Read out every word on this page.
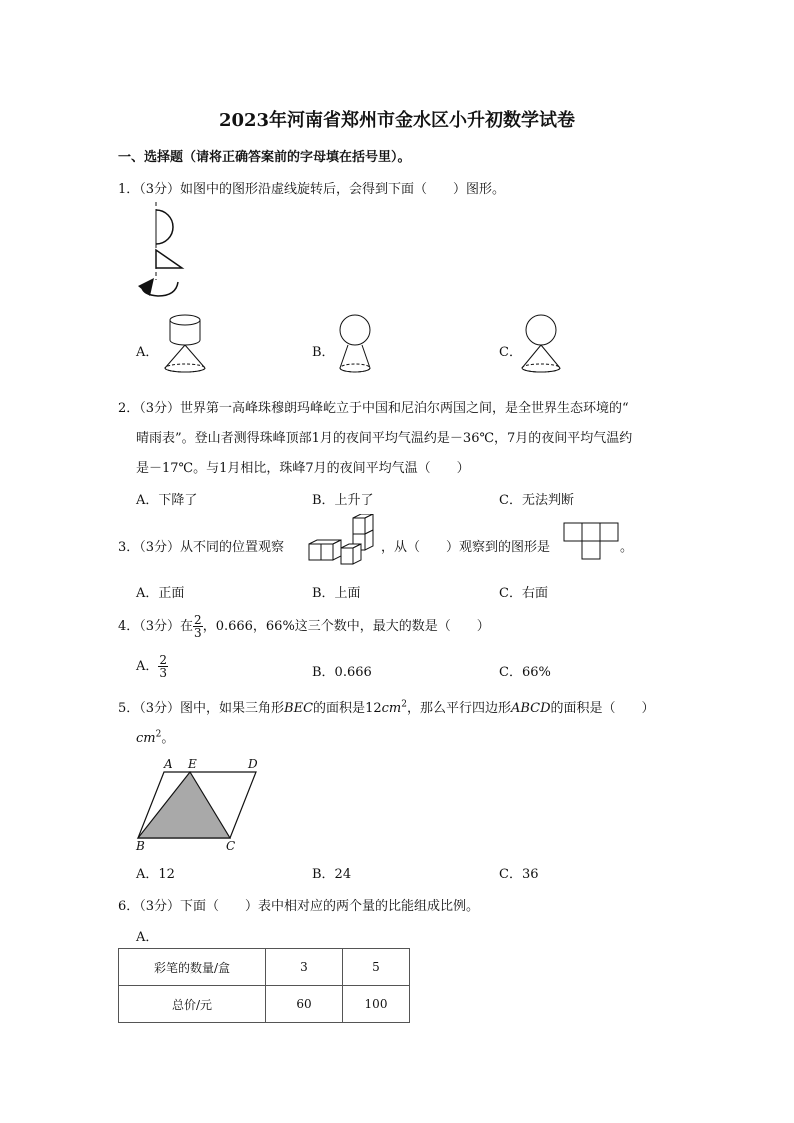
2023年河南省郑州市金水区小升初数学试卷
一、选择题（请将正确答案前的字母填在括号里）。
1．（3分）如图中的图形沿虚线旋转后，会得到下面（　　）图形。
A．	B．	C．
2．（3分）世界第一高峰珠穆朗玛峰屹立于中国和尼泊尔两国之间，是全世界生态环境的“
晴雨表”。登山者测得珠峰顶部1月的夜间平均气温约是－36℃，7月的夜间平均气温约
是－17℃。与1月相比，珠峰7月的夜间平均气温（　　）
A．下降了	B．上升了	C．无法判断
3．（3分）从不同的位置观察	，从（　　）观察到的图形是	。
A．正面	B．上面	C．右面
4．（3分）在 $\frac{2}{3}$ ，0.666，66%这三个数中，最大的数是（　　）
A． $\frac{2}{3}$	B．0.666	C．66%
5．（3分）图中，如果三角形BEC的面积是$12cm^2$，那么平行四边形ABCD的面积是（　　）
$cm^2$。
A E	D
B	C
A．12	B．24	C．36
6．（3分）下面（　　）表中相对应的两个量的比能组成比例。
A．
彩笔的数量/盒	3	5
总价/元	60	100
